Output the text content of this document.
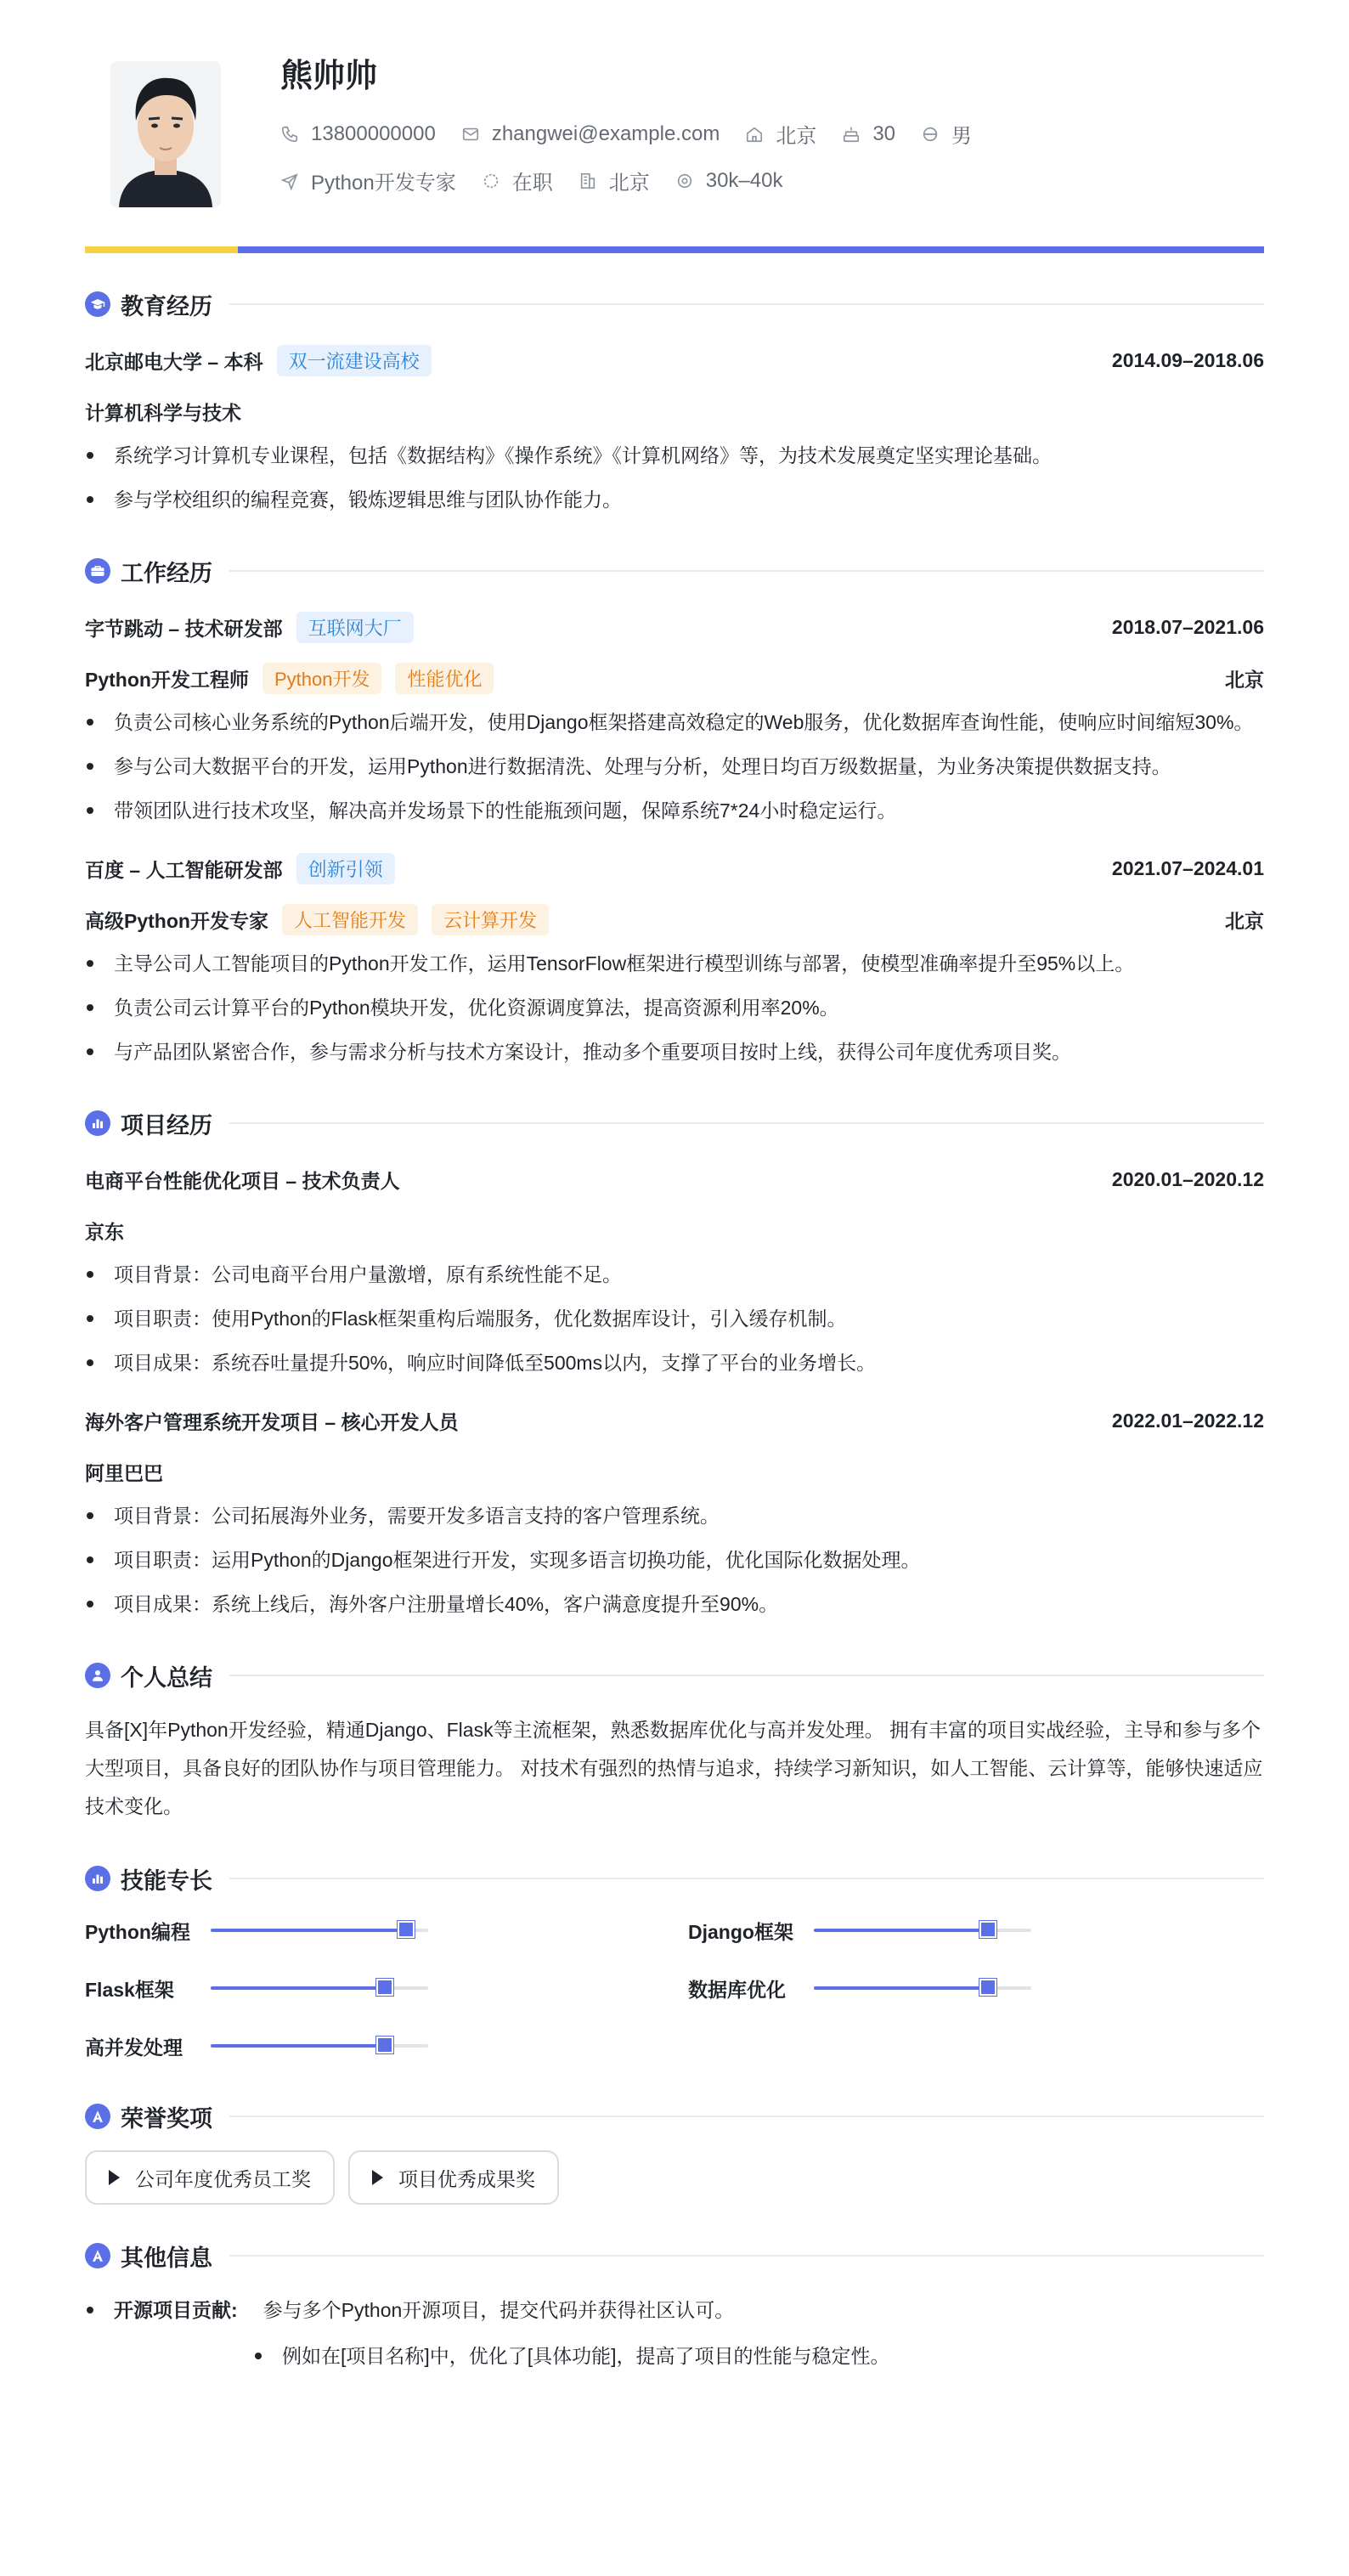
熊帅帅
13800000000	zhangwei@example.com	北京	30	男
Python开发专家	在职	北京	30k–40k
教育经历
北京邮电大学 – 本科	双一流建设高校	2014.09–2018.06
计算机科学与技术
系统学习计算机专业课程，包括《数据结构》《操作系统》《计算机网络》等，为技术发展奠定坚实理论基础。
参与学校组织的编程竞赛，锻炼逻辑思维与团队协作能力。
工作经历
字节跳动 – 技术研发部	互联网大厂	2018.07–2021.06
Python开发工程师	Python开发	性能优化	北京
负责公司核心业务系统的Python后端开发，使用Django框架搭建高效稳定的Web服务，优化数据库查询性能，使响应时间缩短30%。
参与公司大数据平台的开发，运用Python进行数据清洗、处理与分析，处理日均百万级数据量，为业务决策提供数据支持。
带领团队进行技术攻坚，解决高并发场景下的性能瓶颈问题，保障系统7*24小时稳定运行。
百度 – 人工智能研发部	创新引领	2021.07–2024.01
高级Python开发专家	人工智能开发	云计算开发	北京
主导公司人工智能项目的Python开发工作，运用TensorFlow框架进行模型训练与部署，使模型准确率提升至95%以上。
负责公司云计算平台的Python模块开发，优化资源调度算法，提高资源利用率20%。
与产品团队紧密合作，参与需求分析与技术方案设计，推动多个重要项目按时上线，获得公司年度优秀项目奖。
项目经历
电商平台性能优化项目 – 技术负责人	2020.01–2020.12
京东
项目背景：公司电商平台用户量激增，原有系统性能不足。
项目职责：使用Python的Flask框架重构后端服务，优化数据库设计，引入缓存机制。
项目成果：系统吞吐量提升50%，响应时间降低至500ms以内，支撑了平台的业务增长。
海外客户管理系统开发项目 – 核心开发人员	2022.01–2022.12
阿里巴巴
项目背景：公司拓展海外业务，需要开发多语言支持的客户管理系统。
项目职责：运用Python的Django框架进行开发，实现多语言切换功能，优化国际化数据处理。
项目成果：系统上线后，海外客户注册量增长40%，客户满意度提升至90%。
个人总结

具备[X]年Python开发经验，精通Django、Flask等主流框架，熟悉数据库优化与高并发处理。 拥有丰富的项目实战经验，主导和参与多个大型项目，具备良好的团队协作与项目管理能力。 对技术有强烈的热情与追求，持续学习新知识，如人工智能、云计算等，能够快速适应技术变化。

技能专长
Python编程	Django框架
Flask框架	数据库优化
高并发处理
荣誉奖项
公司年度优秀员工奖	项目优秀成果奖
其他信息
开源项目贡献: 参与多个Python开源项目，提交代码并获得社区认可。
例如在[项目名称]中，优化了[具体功能]，提高了项目的性能与稳定性。
